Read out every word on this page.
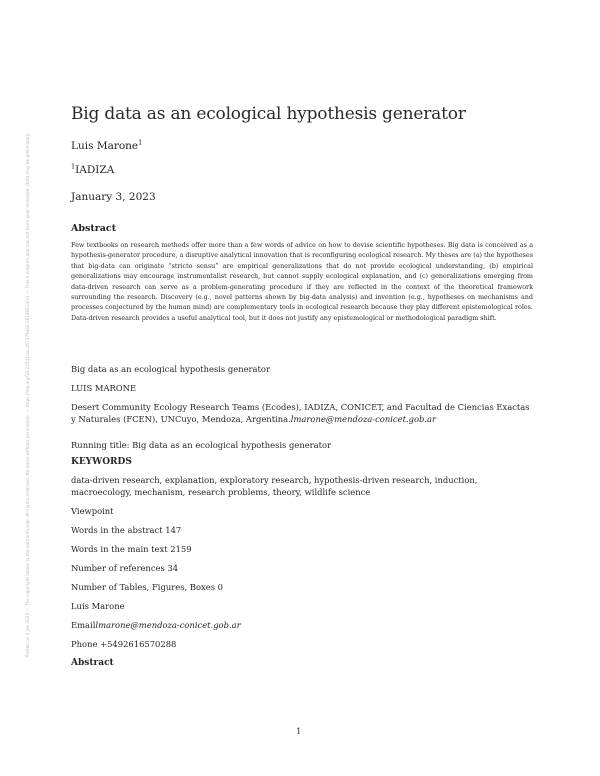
Posted on 4 Jan 2023 — The copyright holder is the author/funder. All rights reserved. No reuse without permission. — https://doi.org/10.22541/au.167279442.26196614/v1 — This a preprint and has not been peer reviewed. Data may be preliminary.
Big data as an ecological hypothesis generator
Luis Marone$^1$
$^1$IADIZA
January 3, 2023
Abstract
Few textbooks on research methods offer more than a few words of advice on how to devise scientific hypotheses. Big data is conceived as a hypothesis-generator procedure, a disruptive analytical innovation that is reconfiguring ecological research. My theses are (a) the hypotheses that big-data can originate “stricto sensu” are empirical generalizations that do not provide ecological understanding, (b) empirical generalizations may encourage instrumentalist research, but cannot supply ecological explanation, and (c) generalizations emerging from data-driven research can serve as a problem-generating procedure if they are reflected in the context of the theoretical framework surrounding the research. Discovery (e.g., novel patterns shown by big-data analysis) and invention (e.g., hypotheses on mechanisms and processes conjectured by the human mind) are complementary tools in ecological research because they play different epistemological roles. Data-driven research provides a useful analytical tool, but it does not justify any epistemological or methodological paradigm shift.
Big data as an ecological hypothesis generator
LUIS MARONE
Desert Community Ecology Research Teams (Ecodes), IADIZA, CONICET, and Facultad de Ciencias Exactas y Naturales (FCEN), UNCuyo, Mendoza, Argentina.lmarone@mendoza-conicet.gob.ar
Running title: Big data as an ecological hypothesis generator
KEYWORDS
data-driven research, explanation, exploratory research, hypothesis-driven research, induction, macroecology, mechanism, research problems, theory, wildlife science
Viewpoint
Words in the abstract 147
Words in the main text 2159
Number of references 34
Number of Tables, Figures, Boxes 0
Luis Marone
Emaillmarone@mendoza-conicet.gob.ar
Phone +5492616570288
Abstract
1
